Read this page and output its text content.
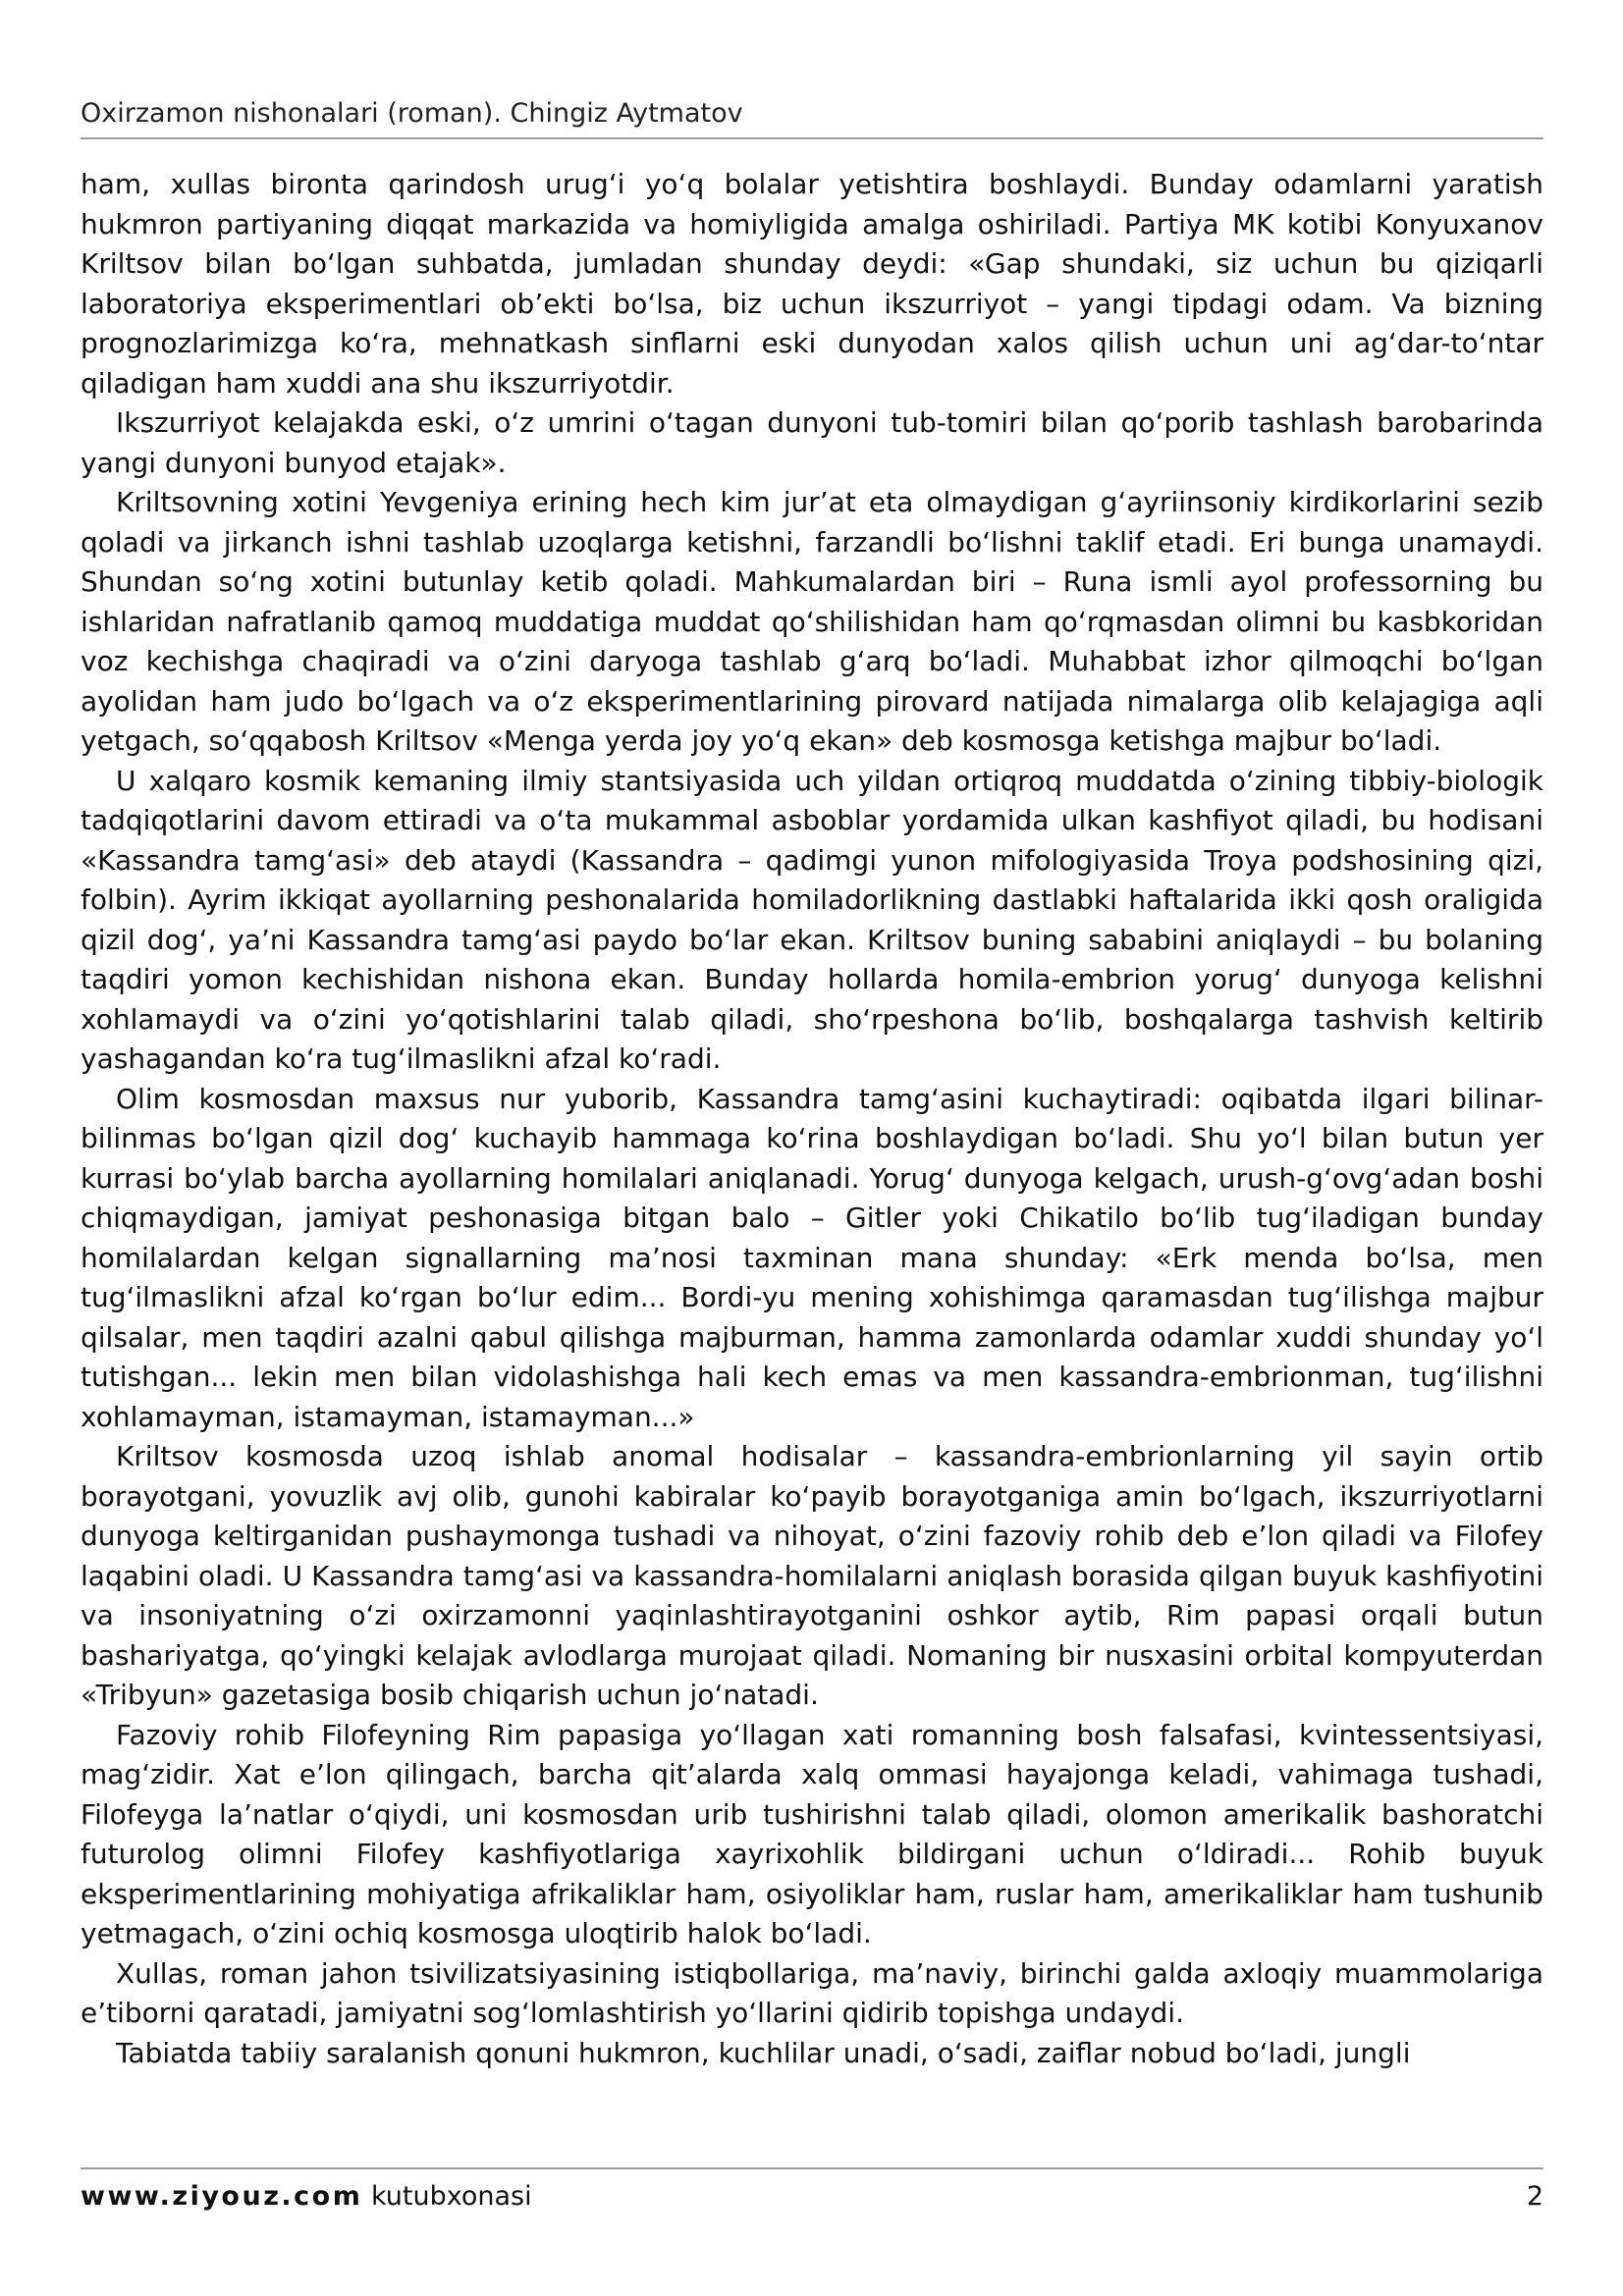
Oxirzamon nishonalari (roman). Chingiz Aytmatov

ham, xullas bironta qarindosh urug‘i yo‘q bolalar yetishtira boshlaydi. Bunday odamlarni yaratish hukmron partiyaning diqqat markazida va homiyligida amalga oshiriladi. Partiya MK kotibi Konyuxanov Kriltsov bilan bo‘lgan suhbatda, jumladan shunday deydi: «Gap shundaki, siz uchun bu qiziqarli laboratoriya eksperimentlari ob’ekti bo‘lsa, biz uchun ikszurriyot – yangi tipdagi odam. Va bizning prognozlarimizga ko‘ra, mehnatkash sinflarni eski dunyodan xalos qilish uchun uni ag‘dar-to‘ntar qiladigan ham xuddi ana shu ikszurriyotdir.

Ikszurriyot kelajakda eski, o‘z umrini o‘tagan dunyoni tub-tomiri bilan qo‘porib tashlash barobarinda yangi dunyoni bunyod etajak».

Kriltsovning xotini Yevgeniya erining hech kim jur’at eta olmaydigan g‘ayriinsoniy kirdikorlarini sezib qoladi va jirkanch ishni tashlab uzoqlarga ketishni, farzandli bo‘lishni taklif etadi. Eri bunga unamaydi. Shundan so‘ng xotini butunlay ketib qoladi. Mahkumalardan biri – Runa ismli ayol professorning bu ishlaridan nafratlanib qamoq muddatiga muddat qo‘shilishidan ham qo‘rqmasdan olimni bu kasbkoridan voz kechishga chaqiradi va o‘zini daryoga tashlab g‘arq bo‘ladi. Muhabbat izhor qilmoqchi bo‘lgan ayolidan ham judo bo‘lgach va o‘z eksperimentlarining pirovard natijada nimalarga olib kelajagiga aqli yetgach, so‘qqabosh Kriltsov «Menga yerda joy yo‘q ekan» deb kosmosga ketishga majbur bo‘ladi.

U xalqaro kosmik kemaning ilmiy stantsiyasida uch yildan ortiqroq muddatda o‘zining tibbiy-biologik tadqiqotlarini davom ettiradi va o‘ta mukammal asboblar yordamida ulkan kashfiyot qiladi, bu hodisani «Kassandra tamg‘asi» deb ataydi (Kassandra – qadimgi yunon mifologiyasida Troya podshosining qizi, folbin). Ayrim ikkiqat ayollarning peshonalarida homiladorlikning dastlabki haftalarida ikki qosh oraligida qizil dog‘, ya’ni Kassandra tamg‘asi paydo bo‘lar ekan. Kriltsov buning sababini aniqlaydi – bu bolaning taqdiri yomon kechishidan nishona ekan. Bunday hollarda homila-embrion yorug‘ dunyoga kelishni xohlamaydi va o‘zini yo‘qotishlarini talab qiladi, sho‘rpeshona bo‘lib, boshqalarga tashvish keltirib yashagandan ko‘ra tug‘ilmaslikni afzal ko‘radi.

Olim kosmosdan maxsus nur yuborib, Kassandra tamg‘asini kuchaytiradi: oqibatda ilgari bilinar-bilinmas bo‘lgan qizil dog‘ kuchayib hammaga ko‘rina boshlaydigan bo‘ladi. Shu yo‘l bilan butun yer kurrasi bo‘ylab barcha ayollarning homilalari aniqlanadi. Yorug‘ dunyoga kelgach, urush-g‘ovg‘adan boshi chiqmaydigan, jamiyat peshonasiga bitgan balo – Gitler yoki Chikatilo bo‘lib tug‘iladigan bunday homilalardan kelgan signallarning ma’nosi taxminan mana shunday: «Erk menda bo‘lsa, men tug‘ilmaslikni afzal ko‘rgan bo‘lur edim... Bordi-yu mening xohishimga qaramasdan tug‘ilishga majbur qilsalar, men taqdiri azalni qabul qilishga majburman, hamma zamonlarda odamlar xuddi shunday yo‘l tutishgan... lekin men bilan vidolashishga hali kech emas va men kassandra-embrionman, tug‘ilishni xohlamayman, istamayman, istamayman...»

Kriltsov kosmosda uzoq ishlab anomal hodisalar – kassandra-embrionlarning yil sayin ortib borayotgani, yovuzlik avj olib, gunohi kabiralar ko‘payib borayotganiga amin bo‘lgach, ikszurriyotlarni dunyoga keltirganidan pushaymonga tushadi va nihoyat, o‘zini fazoviy rohib deb e’lon qiladi va Filofey laqabini oladi. U Kassandra tamg‘asi va kassandra-homilalarni aniqlash borasida qilgan buyuk kashfiyotini va insoniyatning o‘zi oxirzamonni yaqinlashtirayotganini oshkor aytib, Rim papasi orqali butun bashariyatga, qo‘yingki kelajak avlodlarga murojaat qiladi. Nomaning bir nusxasini orbital kompyuterdan «Tribyun» gazetasiga bosib chiqarish uchun jo‘natadi.

Fazoviy rohib Filofeyning Rim papasiga yo‘llagan xati romanning bosh falsafasi, kvintessentsiyasi, mag‘zidir. Xat e’lon qilingach, barcha qit’alarda xalq ommasi hayajonga keladi, vahimaga tushadi, Filofeyga la’natlar o‘qiydi, uni kosmosdan urib tushirishni talab qiladi, olomon amerikalik bashoratchi futurolog olimni Filofey kashfiyotlariga xayrixohlik bildirgani uchun o‘ldiradi... Rohib buyuk eksperimentlarining mohiyatiga afrikaliklar ham, osiyoliklar ham, ruslar ham, amerikaliklar ham tushunib yetmagach, o‘zini ochiq kosmosga uloqtirib halok bo‘ladi.

Xullas, roman jahon tsivilizatsiyasining istiqbollariga, ma’naviy, birinchi galda axloqiy muammolariga e’tiborni qaratadi, jamiyatni sog‘lomlashtirish yo‘llarini qidirib topishga undaydi.

Tabiatda tabiiy saralanish qonuni hukmron, kuchlilar unadi, o‘sadi, zaiflar nobud bo‘ladi, jungli

www.ziyouz.com kutubxonasi	2
